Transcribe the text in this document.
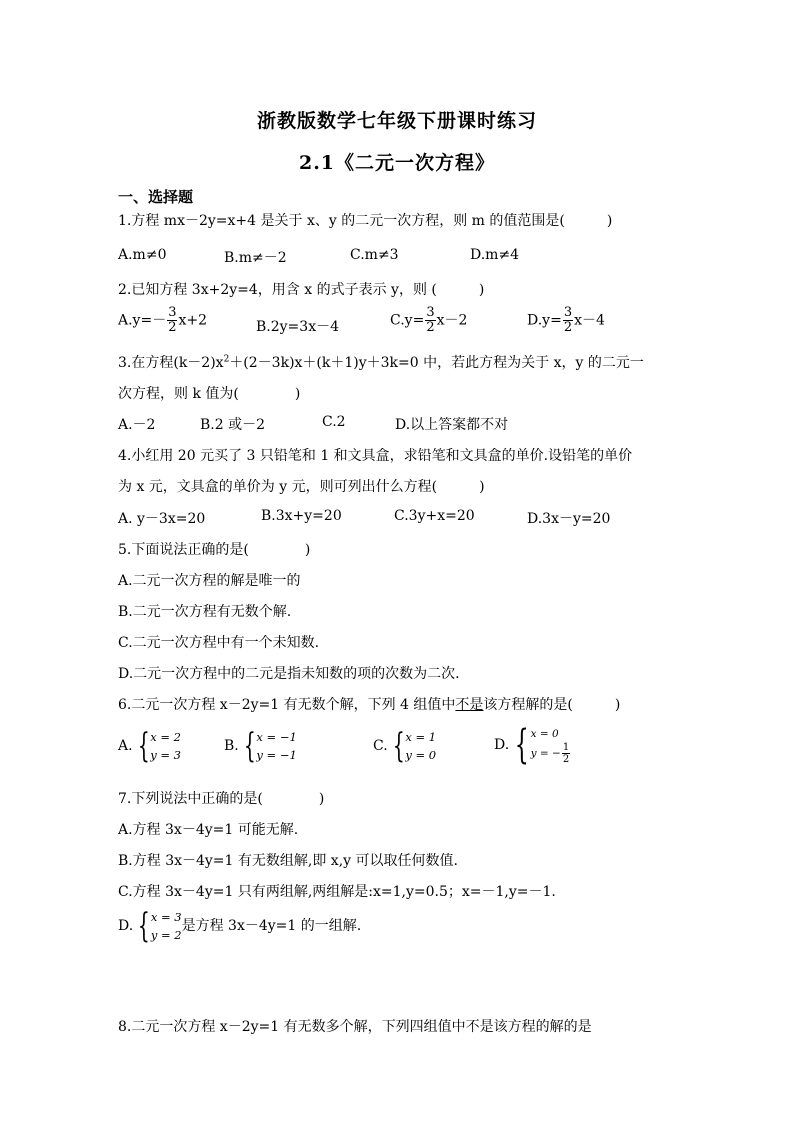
浙教版数学七年级下册课时练习
2.1《二元一次方程》
一、选择题
1.方程 mx－2y=x+4 是关于 x、y 的二元一次方程，则 m 的值范围是(　　　)
A.m≠0	B.m≠－2	C.m≠3	D.m≠4
2.已知方程 3x+2y=4，用含 x 的式子表示 y，则 (　　　)
$A.y=- \frac{3}{2} x+2$	B.2y=3x－4	$C.y= \frac{3}{2} x-2$	$D.y= \frac{3}{2} x-4$
3.在方程$(k-2)x^2+(2-3k)x+(k+1)y+3k=0$ 中，若此方程为关于 x，y 的二元一
次方程，则 k 值为(　　　　)
A.－2	B.2 或－2	C.2	D.以上答案都不对
4.小红用 20 元买了 3 只铅笔和 1 和文具盒，求铅笔和文具盒的单价.设铅笔的单价
为 x 元，文具盒的单价为 y 元，则可列出什么方程(　　　)
A. y－3x=20	B.3x+y=20	C.3y+x=20	D.3x－y=20
5.下面说法正确的是(　　　　)
A.二元一次方程的解是唯一的
B.二元一次方程有无数个解.
C.二元一次方程中有一个未知数.
D.二元一次方程中的二元是指未知数的项的次数为二次.
6.二元一次方程 x－2y=1 有无数个解，下列 4 组值中不是该方程解的是(　　　)
A. { x = 2
y = 3
B. { x = −1
y = −1
C. { x = 1
y = 0
D. { x = 0
y = − $\frac{1}{2}$
7.下列说法中正确的是(　　　　)
A.方程 3x－4y=1 可能无解.
B.方程 3x－4y=1 有无数组解,即 x,y 可以取任何数值.
C.方程 3x－4y=1 只有两组解,两组解是:x=1,y=0.5；x=－1,y=－1.
D. { x = 3
y = 2
是方程 3x－4y=1 的一组解.
8.二元一次方程 x－2y=1 有无数多个解，下列四组值中不是该方程的解的是
